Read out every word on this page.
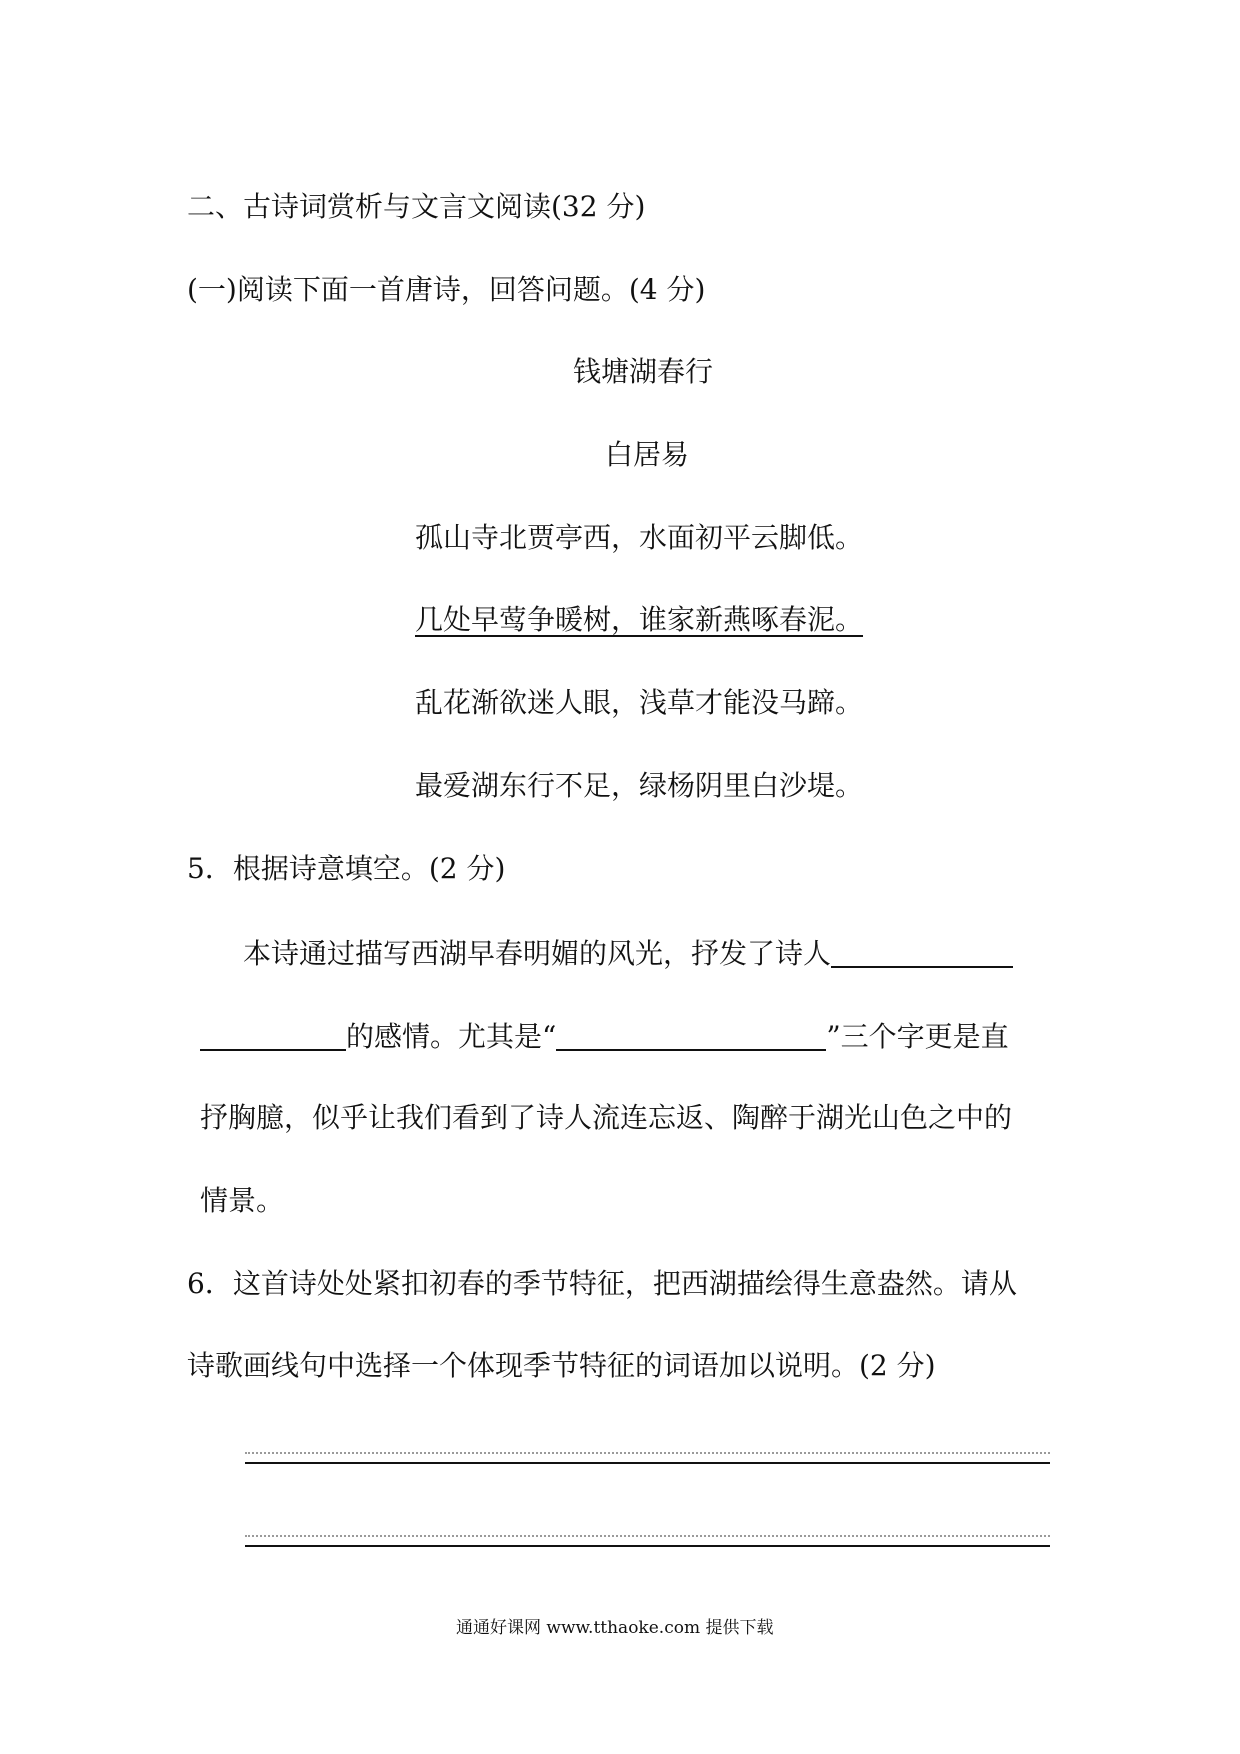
二、古诗词赏析与文言文阅读(32 分)
(一)阅读下面一首唐诗，回答问题。(4 分)
钱塘湖春行
白居易
孤山寺北贾亭西，水面初平云脚低。
几处早莺争暖树，谁家新燕啄春泥。
乱花渐欲迷人眼，浅草才能没马蹄。
最爱湖东行不足，绿杨阴里白沙堤。
5．根据诗意填空。(2 分)
本诗通过描写西湖早春明媚的风光，抒发了诗人
的感情。尤其是“	”三个字更是直
抒胸臆，似乎让我们看到了诗人流连忘返、陶醉于湖光山色之中的
情景。
6．这首诗处处紧扣初春的季节特征，把西湖描绘得生意盎然。请从
诗歌画线句中选择一个体现季节特征的词语加以说明。(2 分)
通通好课网 www.tthaoke.com 提供下载
